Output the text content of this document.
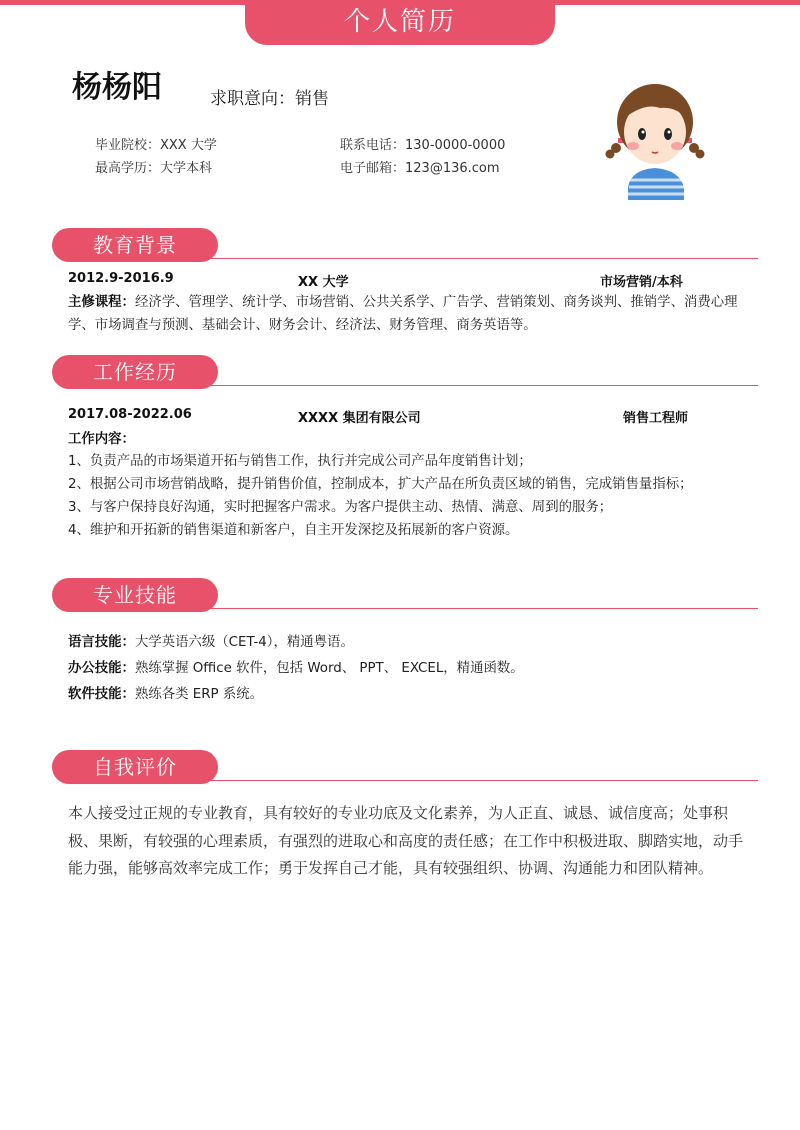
个人简历
杨杨阳	求职意向：销售
毕业院校：XXX 大学
最高学历：大学本科
联系电话：130-0000-0000
电子邮箱：123@136.com
教育背景
2012.9-2016.9	XX 大学	市场营销/本科
主修课程：经济学、管理学、统计学、市场营销、公共关系学、广告学、营销策划、商务谈判、推销学、消费心理学、市场调查与预测、基础会计、财务会计、经济法、财务管理、商务英语等。
工作经历
2017.08-2022.06	XXXX 集团有限公司	销售工程师
工作内容：
1、负责产品的市场渠道开拓与销售工作，执行并完成公司产品年度销售计划；
2、根据公司市场营销战略，提升销售价值，控制成本，扩大产品在所负责区域的销售，完成销售量指标；
3、与客户保持良好沟通，实时把握客户需求。为客户提供主动、热情、满意、周到的服务；
4、维护和开拓新的销售渠道和新客户，自主开发深挖及拓展新的客户资源。
专业技能
语言技能：大学英语六级（CET-4），精通粤语。
办公技能：熟练掌握 Office 软件，包括 Word、 PPT、 EXCEL，精通函数。
软件技能：熟练各类 ERP 系统。
自我评价
本人接受过正规的专业教育，具有较好的专业功底及文化素养，为人正直、诚恳、诚信度高；处事积极、果断，有较强的心理素质，有强烈的进取心和高度的责任感；在工作中积极进取、脚踏实地，动手能力强，能够高效率完成工作；勇于发挥自己才能，具有较强组织、协调、沟通能力和团队精神。
